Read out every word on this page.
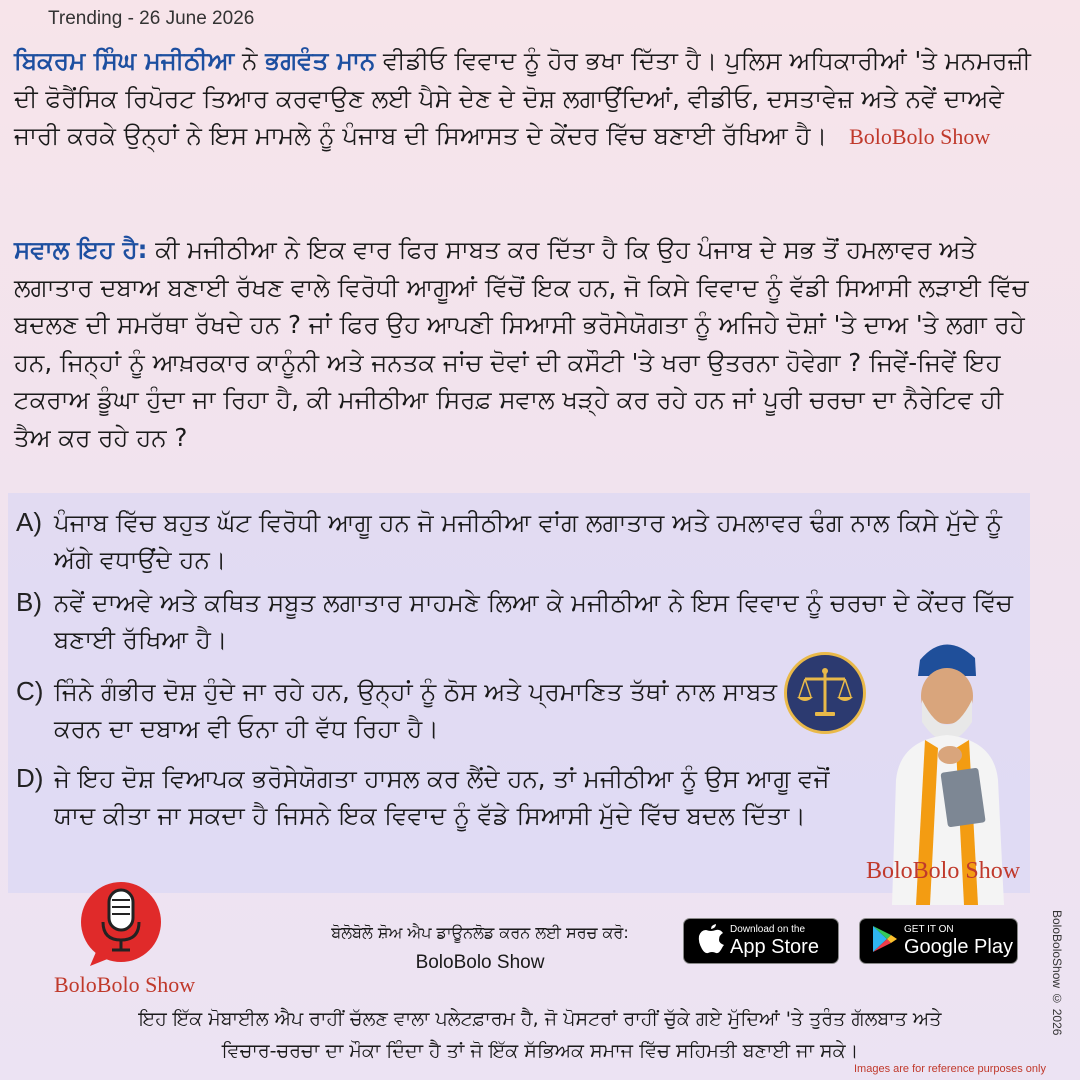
Trending - 26 June 2026

ਬਿਕਰਮ ਸਿੰਘ ਮਜੀਠੀਆ ਨੇ ਭਗਵੰਤ ਮਾਨ ਵੀਡੀਓ ਵਿਵਾਦ ਨੂੰ ਹੋਰ ਭਖਾ ਦਿੱਤਾ ਹੈ। ਪੁਲਿਸ ਅਧਿਕਾਰੀਆਂ 'ਤੇ ਮਨਮਰਜ਼ੀ ਦੀ ਫੋਰੈਂਸਿਕ ਰਿਪੋਰਟ ਤਿਆਰ ਕਰਵਾਉਣ ਲਈ ਪੈਸੇ ਦੇਣ ਦੇ ਦੋਸ਼ ਲਗਾਉਂਦਿਆਂ, ਵੀਡੀਓ, ਦਸਤਾਵੇਜ਼ ਅਤੇ ਨਵੇਂ ਦਾਅਵੇ ਜਾਰੀ ਕਰਕੇ ਉਨ੍ਹਾਂ ਨੇ ਇਸ ਮਾਮਲੇ ਨੂੰ ਪੰਜਾਬ ਦੀ ਸਿਆਸਤ ਦੇ ਕੇਂਦਰ ਵਿੱਚ ਬਣਾਈ ਰੱਖਿਆ ਹੈ। BoloBolo Show

ਸਵਾਲ ਇਹ ਹੈ: ਕੀ ਮਜੀਠੀਆ ਨੇ ਇਕ ਵਾਰ ਫਿਰ ਸਾਬਤ ਕਰ ਦਿੱਤਾ ਹੈ ਕਿ ਉਹ ਪੰਜਾਬ ਦੇ ਸਭ ਤੋਂ ਹਮਲਾਵਰ ਅਤੇ ਲਗਾਤਾਰ ਦਬਾਅ ਬਣਾਈ ਰੱਖਣ ਵਾਲੇ ਵਿਰੋਧੀ ਆਗੂਆਂ ਵਿੱਚੋਂ ਇਕ ਹਨ, ਜੋ ਕਿਸੇ ਵਿਵਾਦ ਨੂੰ ਵੱਡੀ ਸਿਆਸੀ ਲੜਾਈ ਵਿੱਚ ਬਦਲਣ ਦੀ ਸਮਰੱਥਾ ਰੱਖਦੇ ਹਨ ? ਜਾਂ ਫਿਰ ਉਹ ਆਪਣੀ ਸਿਆਸੀ ਭਰੋਸੇਯੋਗਤਾ ਨੂੰ ਅਜਿਹੇ ਦੋਸ਼ਾਂ 'ਤੇ ਦਾਅ 'ਤੇ ਲਗਾ ਰਹੇ ਹਨ, ਜਿਨ੍ਹਾਂ ਨੂੰ ਆਖ਼ਰਕਾਰ ਕਾਨੂੰਨੀ ਅਤੇ ਜਨਤਕ ਜਾਂਚ ਦੋਵਾਂ ਦੀ ਕਸੌਟੀ 'ਤੇ ਖਰਾ ਉਤਰਨਾ ਹੋਵੇਗਾ ? ਜਿਵੇਂ-ਜਿਵੇਂ ਇਹ ਟਕਰਾਅ ਡੂੰਘਾ ਹੁੰਦਾ ਜਾ ਰਿਹਾ ਹੈ, ਕੀ ਮਜੀਠੀਆ ਸਿਰਫ਼ ਸਵਾਲ ਖੜ੍ਹੇ ਕਰ ਰਹੇ ਹਨ ਜਾਂ ਪੂਰੀ ਚਰਚਾ ਦਾ ਨੈਰੇਟਿਵ ਹੀ ਤੈਅ ਕਰ ਰਹੇ ਹਨ ?

A) ਪੰਜਾਬ ਵਿੱਚ ਬਹੁਤ ਘੱਟ ਵਿਰੋਧੀ ਆਗੂ ਹਨ ਜੋ ਮਜੀਠੀਆ ਵਾਂਗ ਲਗਾਤਾਰ ਅਤੇ ਹਮਲਾਵਰ ਢੰਗ ਨਾਲ ਕਿਸੇ ਮੁੱਦੇ ਨੂੰ ਅੱਗੇ ਵਧਾਉਂਦੇ ਹਨ।
B) ਨਵੇਂ ਦਾਅਵੇ ਅਤੇ ਕਥਿਤ ਸਬੂਤ ਲਗਾਤਾਰ ਸਾਹਮਣੇ ਲਿਆ ਕੇ ਮਜੀਠੀਆ ਨੇ ਇਸ ਵਿਵਾਦ ਨੂੰ ਚਰਚਾ ਦੇ ਕੇਂਦਰ ਵਿੱਚ ਬਣਾਈ ਰੱਖਿਆ ਹੈ।
C) ਜਿੰਨੇ ਗੰਭੀਰ ਦੋਸ਼ ਹੁੰਦੇ ਜਾ ਰਹੇ ਹਨ, ਉਨ੍ਹਾਂ ਨੂੰ ਠੋਸ ਅਤੇ ਪ੍ਰਮਾਣਿਤ ਤੱਥਾਂ ਨਾਲ ਸਾਬਤ ਕਰਨ ਦਾ ਦਬਾਅ ਵੀ ਓਨਾ ਹੀ ਵੱਧ ਰਿਹਾ ਹੈ।
D) ਜੇ ਇਹ ਦੋਸ਼ ਵਿਆਪਕ ਭਰੋਸੇਯੋਗਤਾ ਹਾਸਲ ਕਰ ਲੈਂਦੇ ਹਨ, ਤਾਂ ਮਜੀਠੀਆ ਨੂੰ ਉਸ ਆਗੂ ਵਜੋਂ ਯਾਦ ਕੀਤਾ ਜਾ ਸਕਦਾ ਹੈ ਜਿਸਨੇ ਇਕ ਵਿਵਾਦ ਨੂੰ ਵੱਡੇ ਸਿਆਸੀ ਮੁੱਦੇ ਵਿੱਚ ਬਦਲ ਦਿੱਤਾ।
BoloBolo Show
BoloBolo Show
ਬੋਲੋਬੋਲੋ ਸ਼ੋਅ ਐਪ ਡਾਊਨਲੋਡ ਕਰਨ ਲਈ ਸਰਚ ਕਰੋ:
BoloBolo Show
Download on the
App Store
GET IT ON
Google Play
ਇਹ ਇੱਕ ਮੋਬਾਈਲ ਐਪ ਰਾਹੀਂ ਚੱਲਣ ਵਾਲਾ ਪਲੇਟਫ਼ਾਰਮ ਹੈ, ਜੋ ਪੋਸਟਰਾਂ ਰਾਹੀਂ ਚੁੱਕੇ ਗਏ ਮੁੱਦਿਆਂ 'ਤੇ ਤੁਰੰਤ ਗੱਲਬਾਤ ਅਤੇ
ਵਿਚਾਰ-ਚਰਚਾ ਦਾ ਮੌਕਾ ਦਿੰਦਾ ਹੈ ਤਾਂ ਜੋ ਇੱਕ ਸੱਭਿਅਕ ਸਮਾਜ ਵਿੱਚ ਸਹਿਮਤੀ ਬਣਾਈ ਜਾ ਸਕੇ।
BoloBoloShow © 2026
Images are for reference purposes only
